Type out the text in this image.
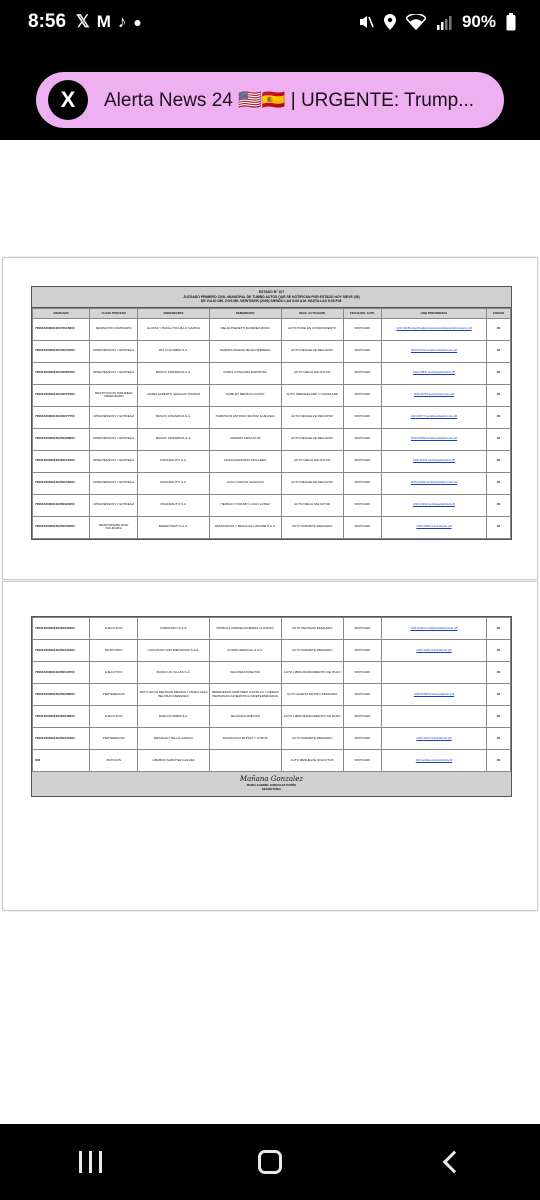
8:56 𝕏 M ♪ ●	90%
X	Alerta News 24 🇺🇸🇪🇸 | URGENTE: Trump...
ESTADO N° 107
JUZGADO PRIMERO CIVIL MUNICIPAL DE TUMBO AUTOS QUE SE NOTIFICAN POR ESTADO HOY SIEVE (08)
DE JULIO DEL DOS MIL VEINTISEIS (2026) SIENDO LAS 8:00 A.M. HASTA LAS 5:00 P.M.
RADICADO	CLASE PROCESO	DEMANDANTE	DEMANDADO	DESC. ACTUACION	FECHA DEL AUTO	LINK PROVIDENCIA	CÓDIGO
76001400300120170015900	DESPACHO COMISORIO	GLORIA Y PAOLA TRUJILLO GARCIA	MELQUISEDETH RAMIREZ MORA	AUTO PONE EN CONOCIMIENTO	08/07/2026	2017-00159 AutoPoneEnConocimientoDespachoComisorio.pdf	40
76001400300120240076200	APREHENSION Y ENTREGA	RCI COLOMBIA S.A.	SANDRA MILENA MEJIA HERRERA	AUTO RESUELVE RECURSO	08/07/2026	2024-00762 AutoResuelveRecurso.pdf	40
76001400300120240083700	APREHENSION Y ENTREGA	BANCO FINANDINA S.A.	DORIS GONGORA ESPINOSA	AUTO NIEGA SOLICITUD	08/07/2026	2024-00837 AutoNiegaSolicitud.pdf	40
76001400300120240075100	RESTITUCION INMUEBLE ARRENDADO	JAMES ALBERTO GIRALDO OSORIO	NAIBLEY MEDINA CAUSIO	AUTO OBEDEZCASE Y CUMPLASE	08/07/2026	2024-00751 AutoObedezcase.pdf	40
76001400300120240077700	APREHENSION Y ENTREGA	BANCO FINANDINA S.A.	HARRISON ANTONIO MUÑOZ GUEVARA	AUTO RESUELVE RECURSO	08/07/2026	2024-00777 AutoResuelveRecurso.pdf	40
76001400300120250006800	APREHENSION Y ENTREGA	BANCO FINANDINA S.A.	AMPARO PEÑA RUIZ	AUTO RESUELVE RECURSO	08/07/2026	2025-00068 AutoResuelveRecurso.pdf	40
76001400300120250016400	APREHENSION Y ENTREGA	FINANZAUTO S.A.	DIANA ESPINOSA MOLARES	AUTO NIEGA SOLICITUD	08/07/2026	2025-00164 AutoNiegaSolicitud.pdf	40
76001400300120250018200	APREHENSION Y ENTREGA	FINANZAUTO S.A.	JUAN CARLOS VALENCIA	AUTO RESUELVE RECURSO	08/07/2026	2025-00182 AutoResuelveRecurso.pdf	40
76001400300120250020200	APREHENSION Y ENTREGA	FINANZAUTO S.A.	HERNAN YOVANNY LUGO LOPEZ	AUTO NIEGA SOLICITUD	08/07/2026	2025-00202 AutoNiegaSolicitud.pdf	40
76001400300120250035200	RESPONSABILIDAD SOLIDARIA	BENEFITECH S.A.S.	ABASTAIDOS Y MEZCLAS CADARE S.A.S.	AUTO INADMITE DEMANDA	08/07/2026	2025-00352 AutoInadmite.pdf	40
76001400300120250040300	EJECUTIVO	COBRANDO S.A.S.	PATRICIA ANDREA RAMIREZ CUASATO	AUTO RECHAZA DEMANDA	08/07/2026	2025-00403 AutoRechazaDemanda.pdf	40
76001400300120250043400	MONITORIO	CUCHAUST DISTRIBUIDORA S.A.S.	DUMAN MEDICAL S.A.S.	AUTO INADMITE DEMANDA	08/07/2026	2025-00434 AutoInadmite.pdf	40
76001400300120250043700	EJECUTIVO	BANCO AV VILLAS S.A.	SEGUNDA PRELTAN	AUTO LIBRA MANDAMIENTO DE PAGO	08/07/2026		40
76001400300120250038000	PERTENENCIA	ARTYLSCON BELTRAN MEDINA Y MARIA ALEX BELTRAN MENESES	HEREDEROS MARTINEZ CASTILLO Y DEMAS PERSONAS INCIERTAS E INDETERMINADAS	AUTO ACEPTA RETIRO DEMANDA	08/07/2026	2025-00380 AutoAceptaRetiro.pdf	40
76001400300120250046600	EJECUTIVO	BANCOLOMBIA S.A.	SEGUNDA PREVIAS	AUTO LIBRA MANDAMIENTO DE PAGO	08/07/2026		40
76001400300120250047300	PERTENENCIA	REINALDO TELLO GARCIA	FRANCISCO MUÑOZ Y OTROS	AUTO INADMITE DEMANDA	08/07/2026	2025-00473 AutoInadmite.pdf	40
S/R	PETICION	LIBARDO SANCHEZ GALVEZ		AUTO RESUELVE SOLICITUD	08/07/2026	S/R AutoResuelveSolicitud.pdf	40
Mañana Gonzalez
MARIA GABRIEL GONZALEZ PATIÑO
SECRETARIA
